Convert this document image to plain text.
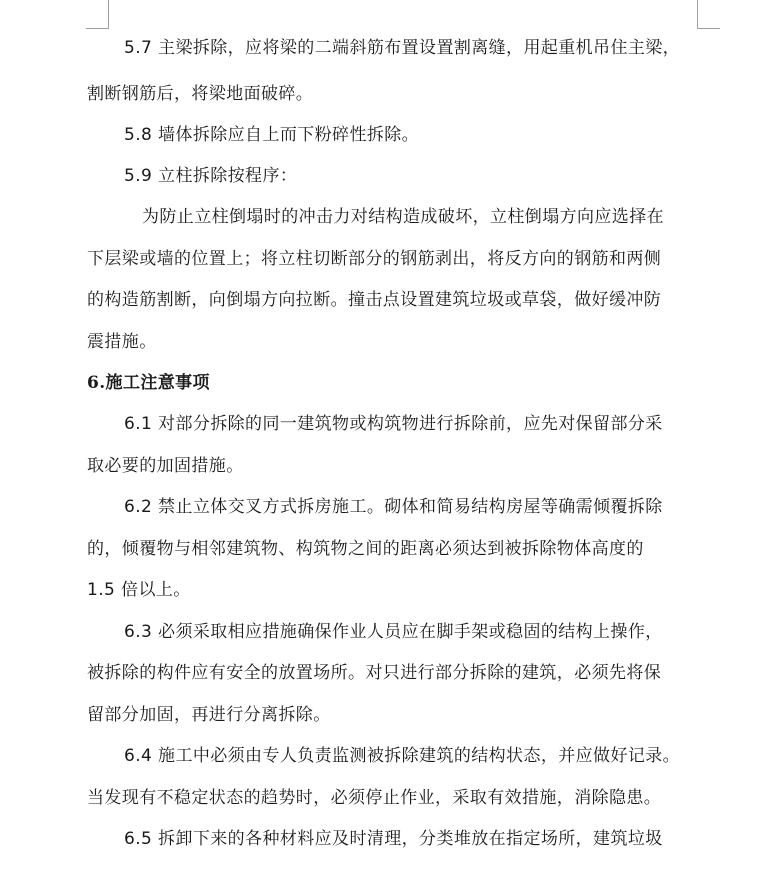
5.7 主梁拆除，应将梁的二端斜筋布置设置割离缝，用起重机吊住主梁，
割断钢筋后，将梁地面破碎。
5.8 墙体拆除应自上而下粉碎性拆除。
5.9 立柱拆除按程序：
为防止立柱倒塌时的冲击力对结构造成破坏，立柱倒塌方向应选择在
下层梁或墙的位置上；将立柱切断部分的钢筋剥出，将反方向的钢筋和两侧
的构造筋割断，向倒塌方向拉断。撞击点设置建筑垃圾或草袋，做好缓冲防
震措施。
6.施工注意事项
6.1 对部分拆除的同一建筑物或构筑物进行拆除前，应先对保留部分采
取必要的加固措施。
6.2 禁止立体交叉方式拆房施工。砌体和简易结构房屋等确需倾覆拆除
的，倾覆物与相邻建筑物、构筑物之间的距离必须达到被拆除物体高度的
1.5 倍以上。
6.3 必须采取相应措施确保作业人员应在脚手架或稳固的结构上操作，
被拆除的构件应有安全的放置场所。对只进行部分拆除的建筑，必须先将保
留部分加固，再进行分离拆除。
6.4 施工中必须由专人负责监测被拆除建筑的结构状态，并应做好记录。
当发现有不稳定状态的趋势时，必须停止作业，采取有效措施，消除隐患。
6.5 拆卸下来的各种材料应及时清理，分类堆放在指定场所，建筑垃圾
